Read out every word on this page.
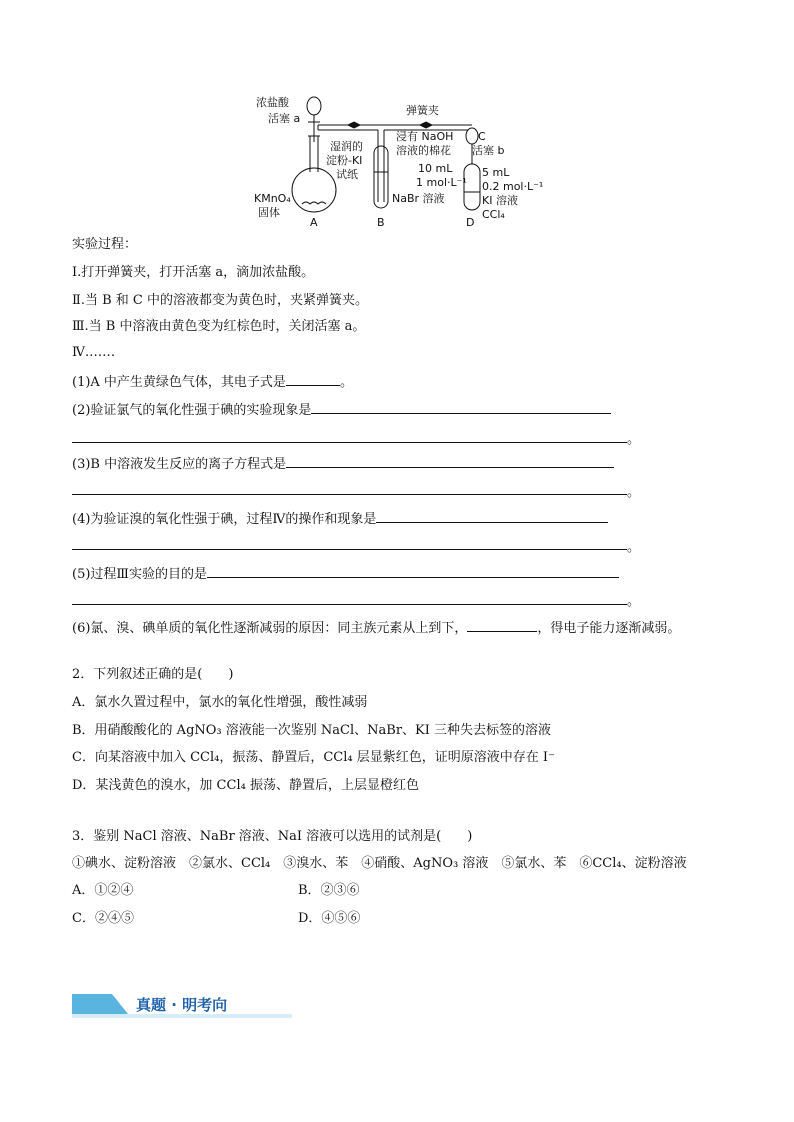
浓盐酸
活塞 a
弹簧夹
浸有 NaOH
溶液的棉花
C
活塞 b
湿润的
淀粉-KI
试纸	10 mL
1 mol·L⁻¹
5 mL
0.2 mol·L⁻¹
KI 溶液
CCl₄
NaBr 溶液
KMnO₄
固体
A	B	D
实验过程：
Ⅰ.打开弹簧夹，打开活塞 a，滴加浓盐酸。
Ⅱ.当 B 和 C 中的溶液都变为黄色时，夹紧弹簧夹。
Ⅲ.当 B 中溶液由黄色变为红棕色时，关闭活塞 a。
Ⅳ.……
(1)A 中产生黄绿色气体，其电子式是	。
(2)验证氯气的氧化性强于碘的实验现象是
。
(3)B 中溶液发生反应的离子方程式是
。
(4)为验证溴的氧化性强于碘，过程Ⅳ的操作和现象是
。
(5)过程Ⅲ实验的目的是
。
(6)氯、溴、碘单质的氧化性逐渐减弱的原因：同主族元素从上到下，	，得电子能力逐渐减弱。
2．下列叙述正确的是(　　)
A．氯水久置过程中，氯水的氧化性增强，酸性减弱
B．用硝酸酸化的 AgNO₃ 溶液能一次鉴别 NaCl、NaBr、KI 三种失去标签的溶液
C．向某溶液中加入 CCl₄，振荡、静置后，CCl₄ 层显紫红色，证明原溶液中存在 I⁻
D．某浅黄色的溴水，加 CCl₄ 振荡、静置后，上层显橙红色
3．鉴别 NaCl 溶液、NaBr 溶液、NaI 溶液可以选用的试剂是(　　)
①碘水、淀粉溶液　②氯水、CCl₄　③溴水、苯　④硝酸、AgNO₃ 溶液　⑤氯水、苯　⑥CCl₄、淀粉溶液
A．①②④	B．②③⑥
C．②④⑤	D．④⑤⑥
真题 · 明考向
